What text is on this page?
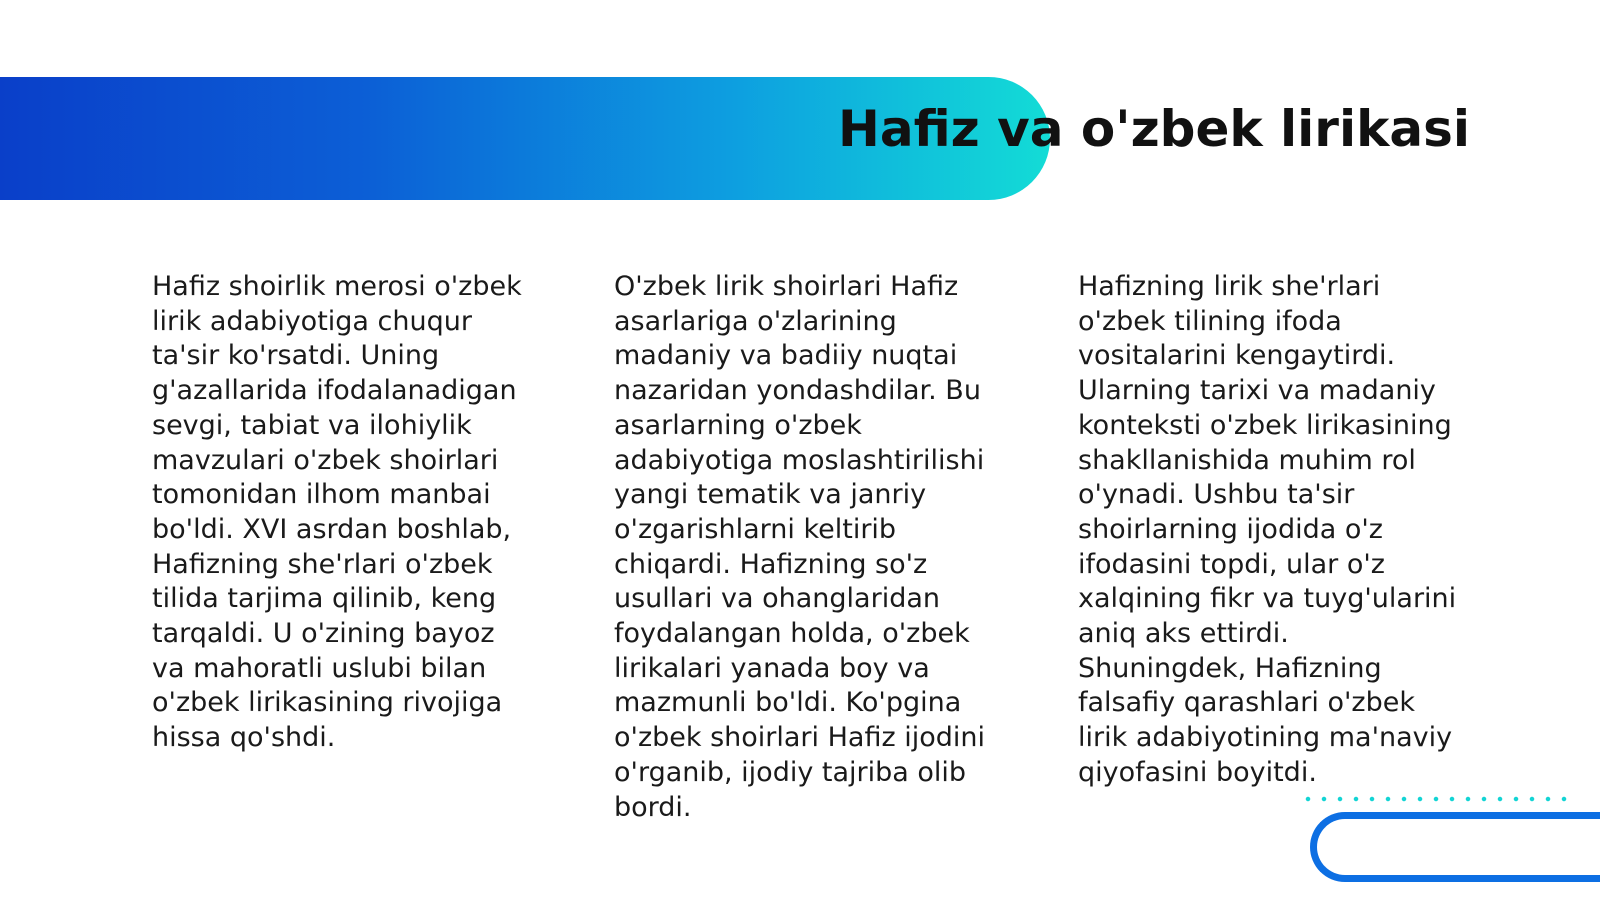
Hafiz va o'zbek lirikasi

Hafiz shoirlik merosi o'zbek lirik adabiyotiga chuqur ta'sir ko'rsatdi. Uning g'azallarida ifodalanadigan sevgi, tabiat va ilohiylik mavzulari o'zbek shoirlari tomonidan ilhom manbai bo'ldi. XVI asrdan boshlab, Hafizning she'rlari o'zbek tilida tarjima qilinib, keng tarqaldi. U o'zining bayoz va mahoratli uslubi bilan o'zbek lirikasining rivojiga hissa qo'shdi.

O'zbek lirik shoirlari Hafiz asarlariga o'zlarining madaniy va badiiy nuqtai nazaridan yondashdilar. Bu asarlarning o'zbek adabiyotiga moslashtirilishi yangi tematik va janriy o'zgarishlarni keltirib chiqardi. Hafizning so'z usullari va ohanglaridan foydalangan holda, o'zbek lirikalari yanada boy va mazmunli bo'ldi. Ko'pgina o'zbek shoirlari Hafiz ijodini o'rganib, ijodiy tajriba olib bordi.

Hafizning lirik she'rlari o'zbek tilining ifoda vositalarini kengaytirdi. Ularning tarixi va madaniy konteksti o'zbek lirikasining shakllanishida muhim rol o'ynadi. Ushbu ta'sir shoirlarning ijodida o'z ifodasini topdi, ular o'z xalqining fikr va tuyg'ularini aniq aks ettirdi. Shuningdek, Hafizning falsafiy qarashlari o'zbek lirik adabiyotining ma'naviy qiyofasini boyitdi.
